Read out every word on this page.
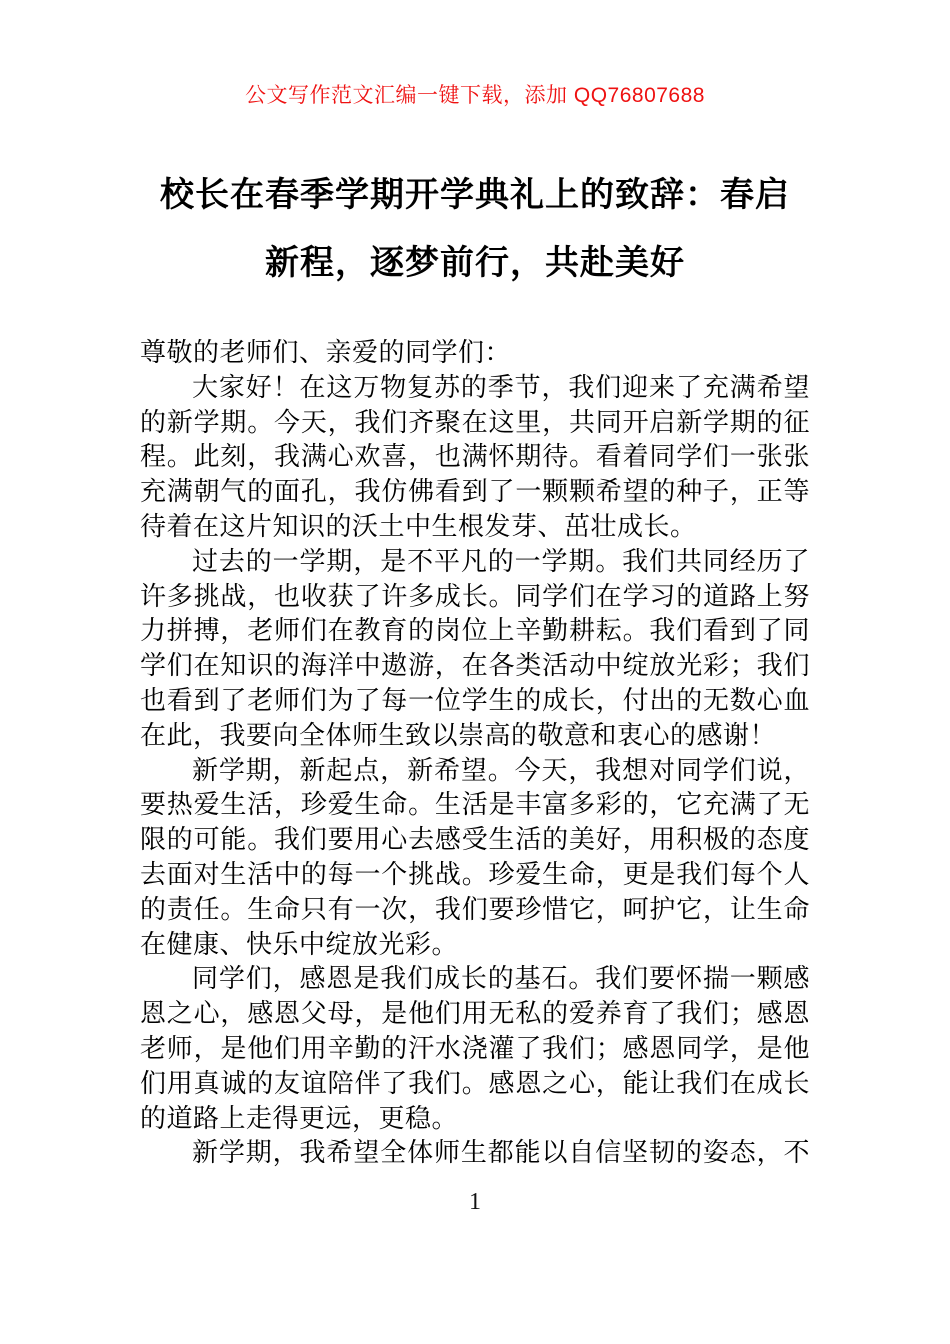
公文写作范文汇编一键下载，添加 QQ76807688
校长在春季学期开学典礼上的致辞：春启
新程，逐梦前行，共赴美好
尊敬的老师们、亲爱的同学们：
大家好！在这万物复苏的季节，我们迎来了充满希望
的新学期。今天，我们齐聚在这里，共同开启新学期的征
程。此刻，我满心欢喜，也满怀期待。看着同学们一张张
充满朝气的面孔，我仿佛看到了一颗颗希望的种子，正等
待着在这片知识的沃土中生根发芽、茁壮成长。
过去的一学期，是不平凡的一学期。我们共同经历了
许多挑战，也收获了许多成长。同学们在学习的道路上努
力拼搏，老师们在教育的岗位上辛勤耕耘。我们看到了同
学们在知识的海洋中遨游，在各类活动中绽放光彩；我们
也看到了老师们为了每一位学生的成长，付出的无数心血
在此，我要向全体师生致以崇高的敬意和衷心的感谢！
新学期，新起点，新希望。今天，我想对同学们说，
要热爱生活，珍爱生命。生活是丰富多彩的，它充满了无
限的可能。我们要用心去感受生活的美好，用积极的态度
去面对生活中的每一个挑战。珍爱生命，更是我们每个人
的责任。生命只有一次，我们要珍惜它，呵护它，让生命
在健康、快乐中绽放光彩。
同学们，感恩是我们成长的基石。我们要怀揣一颗感
恩之心，感恩父母，是他们用无私的爱养育了我们；感恩
老师，是他们用辛勤的汗水浇灌了我们；感恩同学，是他
们用真诚的友谊陪伴了我们。感恩之心，能让我们在成长
的道路上走得更远，更稳。
新学期，我希望全体师生都能以自信坚韧的姿态，不
1
